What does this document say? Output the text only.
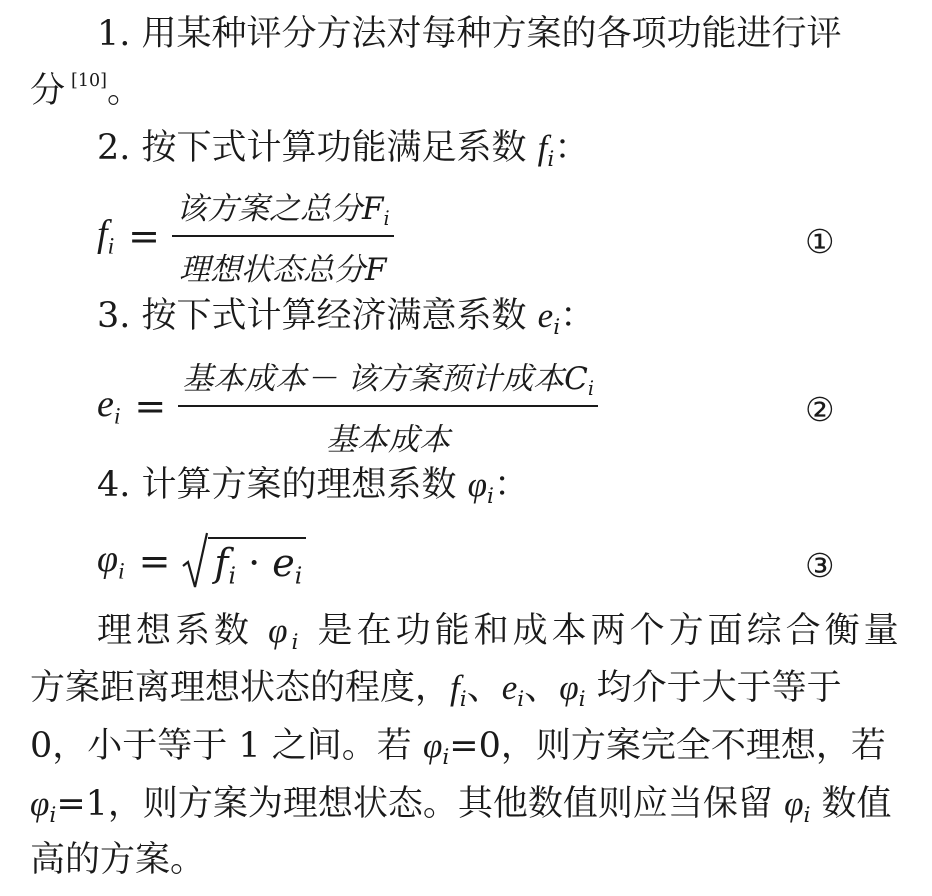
1. 用某种评分方法对每种方案的各项功能进行评
分 [10]。
2. 按下式计算功能满足系数 $f_i$：
$f_i = \frac{该方案之总分F_i}{\text{理想状态总分F}}$	①
3. 按下式计算经济满意系数 $e_i$：
$e_i = \frac{基本成本- 该方案预计成本C_i}{\text{基本成本}}$	②
4. 计算方案的理想系数 $\varphi_i$：
$\varphi_i = f_i \cdot e_i$	③
理想系数 $\varphi_i$ 是在功能和成本两个方面综合衡量
方案距离理想状态的程度，$f_i$、$e_i$、$\varphi_i$ 均介于大于等于
0，小于等于 1 之间。若 $\varphi_i=0$，则方案完全不理想，若
$\varphi_i=1$，则方案为理想状态。其他数值则应当保留 $\varphi_i$ 数值
高的方案。
